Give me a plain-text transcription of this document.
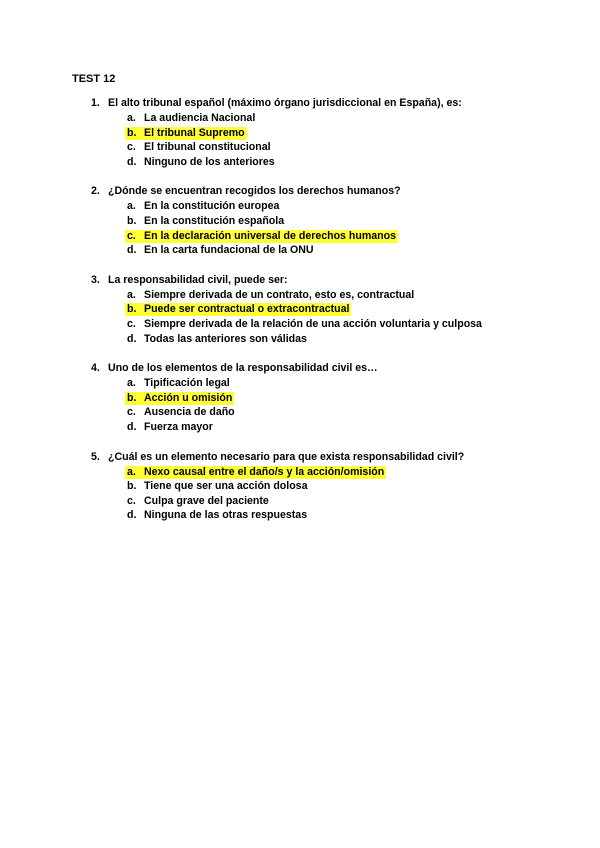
TEST 12
1. El alto tribunal español (máximo órgano jurisdiccional en España), es:
a. La audiencia Nacional
b. El tribunal Supremo
c. El tribunal constitucional
d. Ninguno de los anteriores
2. ¿Dónde se encuentran recogidos los derechos humanos?
a. En la constitución europea
b. En la constitución española
c. En la declaración universal de derechos humanos
d. En la carta fundacional de la ONU
3. La responsabilidad civil, puede ser:
a. Siempre derivada de un contrato, esto es, contractual
b. Puede ser contractual o extracontractual
c. Siempre derivada de la relación de una acción voluntaria y culposa
d. Todas las anteriores son válidas
4. Uno de los elementos de la responsabilidad civil es…
a. Tipificación legal
b. Acción u omisión
c. Ausencia de daño
d. Fuerza mayor
5. ¿Cuál es un elemento necesario para que exista responsabilidad civil?
a. Nexo causal entre el daño/s y la acción/omisión
b. Tiene que ser una acción dolosa
c. Culpa grave del paciente
d. Ninguna de las otras respuestas
